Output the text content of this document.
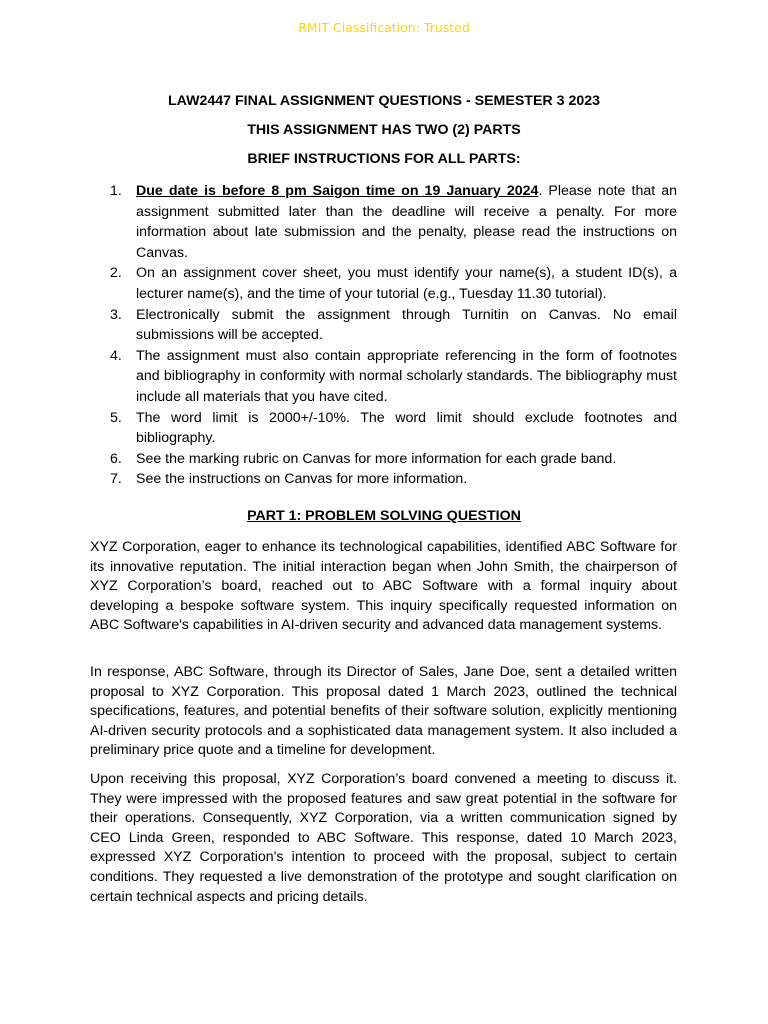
RMIT Classification: Trusted
LAW2447 FINAL ASSIGNMENT QUESTIONS - SEMESTER 3 2023
THIS ASSIGNMENT HAS TWO (2) PARTS
BRIEF INSTRUCTIONS FOR ALL PARTS:
1. Due date is before 8 pm Saigon time on 19 January 2024. Please note that an assignment submitted later than the deadline will receive a penalty. For more information about late submission and the penalty, please read the instructions on Canvas.
2. On an assignment cover sheet, you must identify your name(s), a student ID(s), a lecturer name(s), and the time of your tutorial (e.g., Tuesday 11.30 tutorial).
3. Electronically submit the assignment through Turnitin on Canvas. No email submissions will be accepted.
4. The assignment must also contain appropriate referencing in the form of footnotes and bibliography in conformity with normal scholarly standards. The bibliography must include all materials that you have cited.
5. The word limit is 2000+/-10%. The word limit should exclude footnotes and bibliography.
6. See the marking rubric on Canvas for more information for each grade band.
7. See the instructions on Canvas for more information.
PART 1: PROBLEM SOLVING QUESTION

XYZ Corporation, eager to enhance its technological capabilities, identified ABC Software for its innovative reputation. The initial interaction began when John Smith, the chairperson of XYZ Corporation’s board, reached out to ABC Software with a formal inquiry about developing a bespoke software system. This inquiry specifically requested information on ABC Software's capabilities in AI-driven security and advanced data management systems.

In response, ABC Software, through its Director of Sales, Jane Doe, sent a detailed written proposal to XYZ Corporation. This proposal dated 1 March 2023, outlined the technical specifications, features, and potential benefits of their software solution, explicitly mentioning AI-driven security protocols and a sophisticated data management system. It also included a preliminary price quote and a timeline for development.

Upon receiving this proposal, XYZ Corporation’s board convened a meeting to discuss it. They were impressed with the proposed features and saw great potential in the software for their operations. Consequently, XYZ Corporation, via a written communication signed by CEO Linda Green, responded to ABC Software. This response, dated 10 March 2023, expressed XYZ Corporation's intention to proceed with the proposal, subject to certain conditions. They requested a live demonstration of the prototype and sought clarification on certain technical aspects and pricing details.
